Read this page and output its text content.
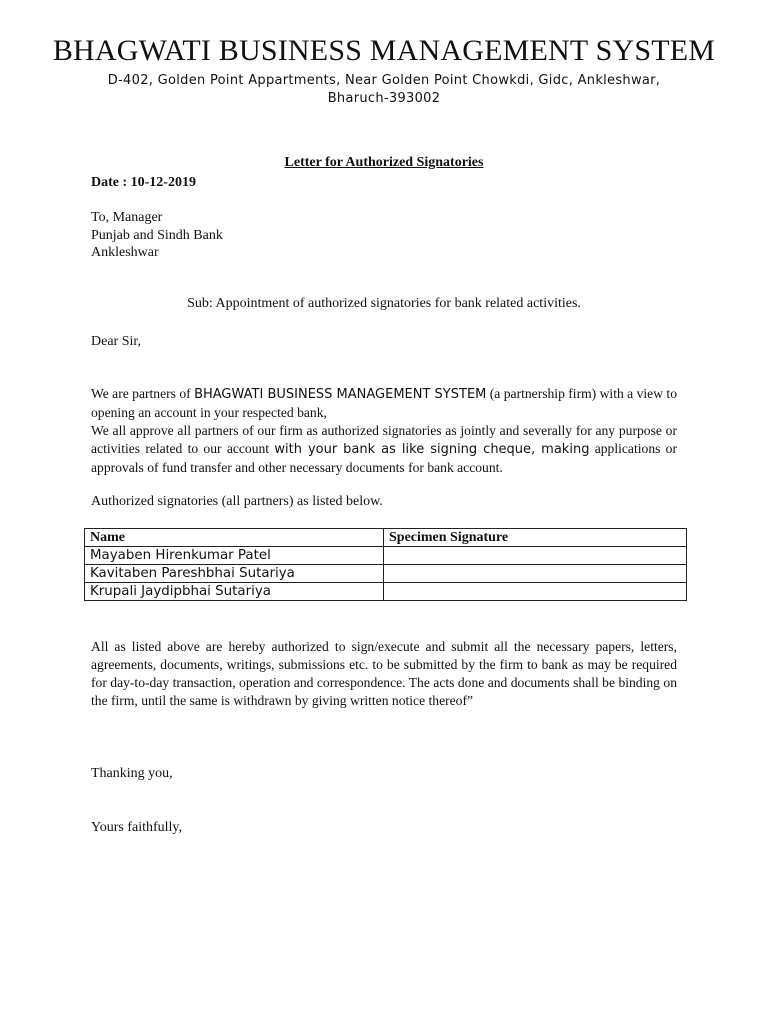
BHAGWATI BUSINESS MANAGEMENT SYSTEM
D-402, Golden Point Appartments, Near Golden Point Chowkdi, Gidc, Ankleshwar,
Bharuch-393002
Letter for Authorized Signatories
Date : 10-12-2019
To, Manager
Punjab and Sindh Bank
Ankleshwar
Sub: Appointment of authorized signatories for bank related activities.
Dear Sir,

We are partners of BHAGWATI BUSINESS MANAGEMENT SYSTEM (a partnership firm) with a view to opening an account in your respected bank,

We all approve all partners of our firm as authorized signatories as jointly and severally for any purpose or activities related to our account with your bank as like signing cheque, making applications or approvals of fund transfer and other necessary documents for bank account.

Authorized signatories (all partners) as listed below.
Name	Specimen Signature
Mayaben Hirenkumar Patel	
Kavitaben Pareshbhai Sutariya	
Krupali Jaydipbhai Sutariya	

All as listed above are hereby authorized to sign/execute and submit all the necessary papers, letters, agreements, documents, writings, submissions etc. to be submitted by the firm to bank as may be required for day-to-day transaction, operation and correspondence. The acts done and documents shall be binding on the firm, until the same is withdrawn by giving written notice thereof”

Thanking you,
Yours faithfully,
